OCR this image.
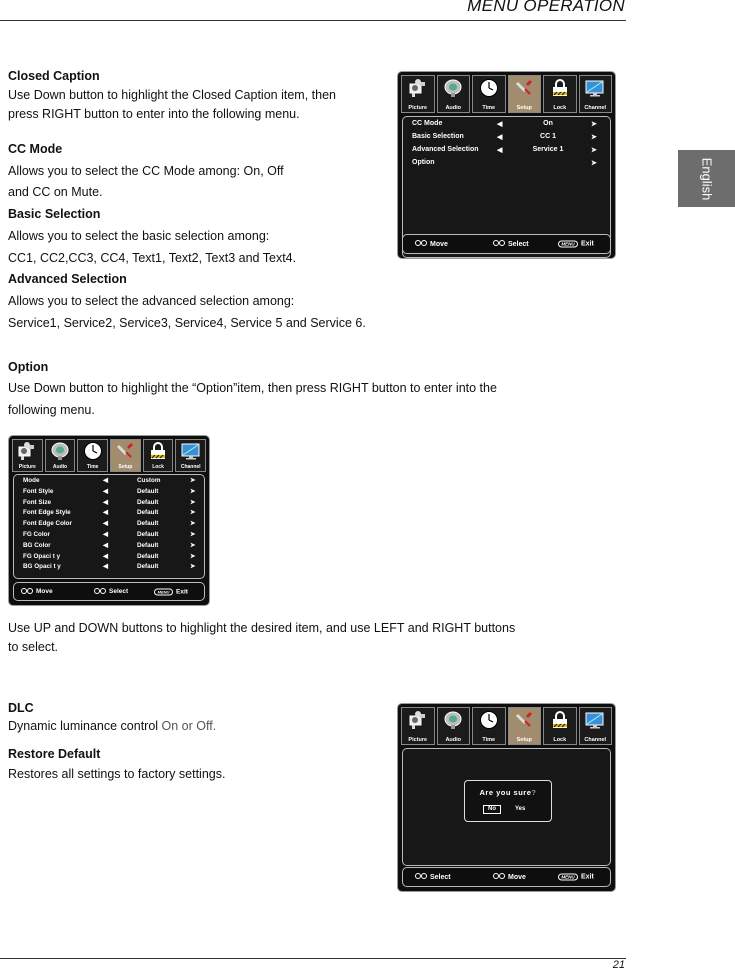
MENU OPERATION
English
Closed Caption
Use Down button to highlight the Closed Caption item, then
press RIGHT button to enter into the following menu.
CC Mode
Allows you to select the CC Mode among: On, Off
and CC on Mute.
Basic Selection
Allows you to select the basic selection among:
CC1, CC2,CC3, CC4, Text1, Text2, Text3 and Text4.
Advanced Selection
Allows you to select the advanced selection among:
Service1, Service2, Service3, Service4, Service 5 and Service 6.
Option
Use Down button to highlight the “Option”item, then press RIGHT button to enter into the
following menu.
Use UP and DOWN buttons to highlight the desired item, and use LEFT and RIGHT buttons
to select.
DLC
Dynamic luminance control On or Off.
Restore Default
Restores all settings to factory settings.
Picture	Audio	Time	Setup	Lock	Channel
CC Mode	◀	On	➤
Basic Selection	◀	CC 1	➤
Advanced Selection	◀	Service 1	➤
Option	➤
Move	Select	MENU Exit
Picture	Audio	Time	Setup	Lock	Channel
Mode	◀	Custom	➤
Font Style	◀	Default	➤
Font Size	◀	Default	➤
Font Edge Style	◀	Default	➤
Font Edge Color	◀	Default	➤
FG Color	◀	Default	➤
BG Color	◀	Default	➤
FG Opaci t y	◀	Default	➤
BG Opaci t y	◀	Default	➤
Move	Select	MENU	Exit
Picture	Audio	Time	Setup	Lock	Channel
Are you sure?
No	Yes
Select	Move	MENU Exit
21
